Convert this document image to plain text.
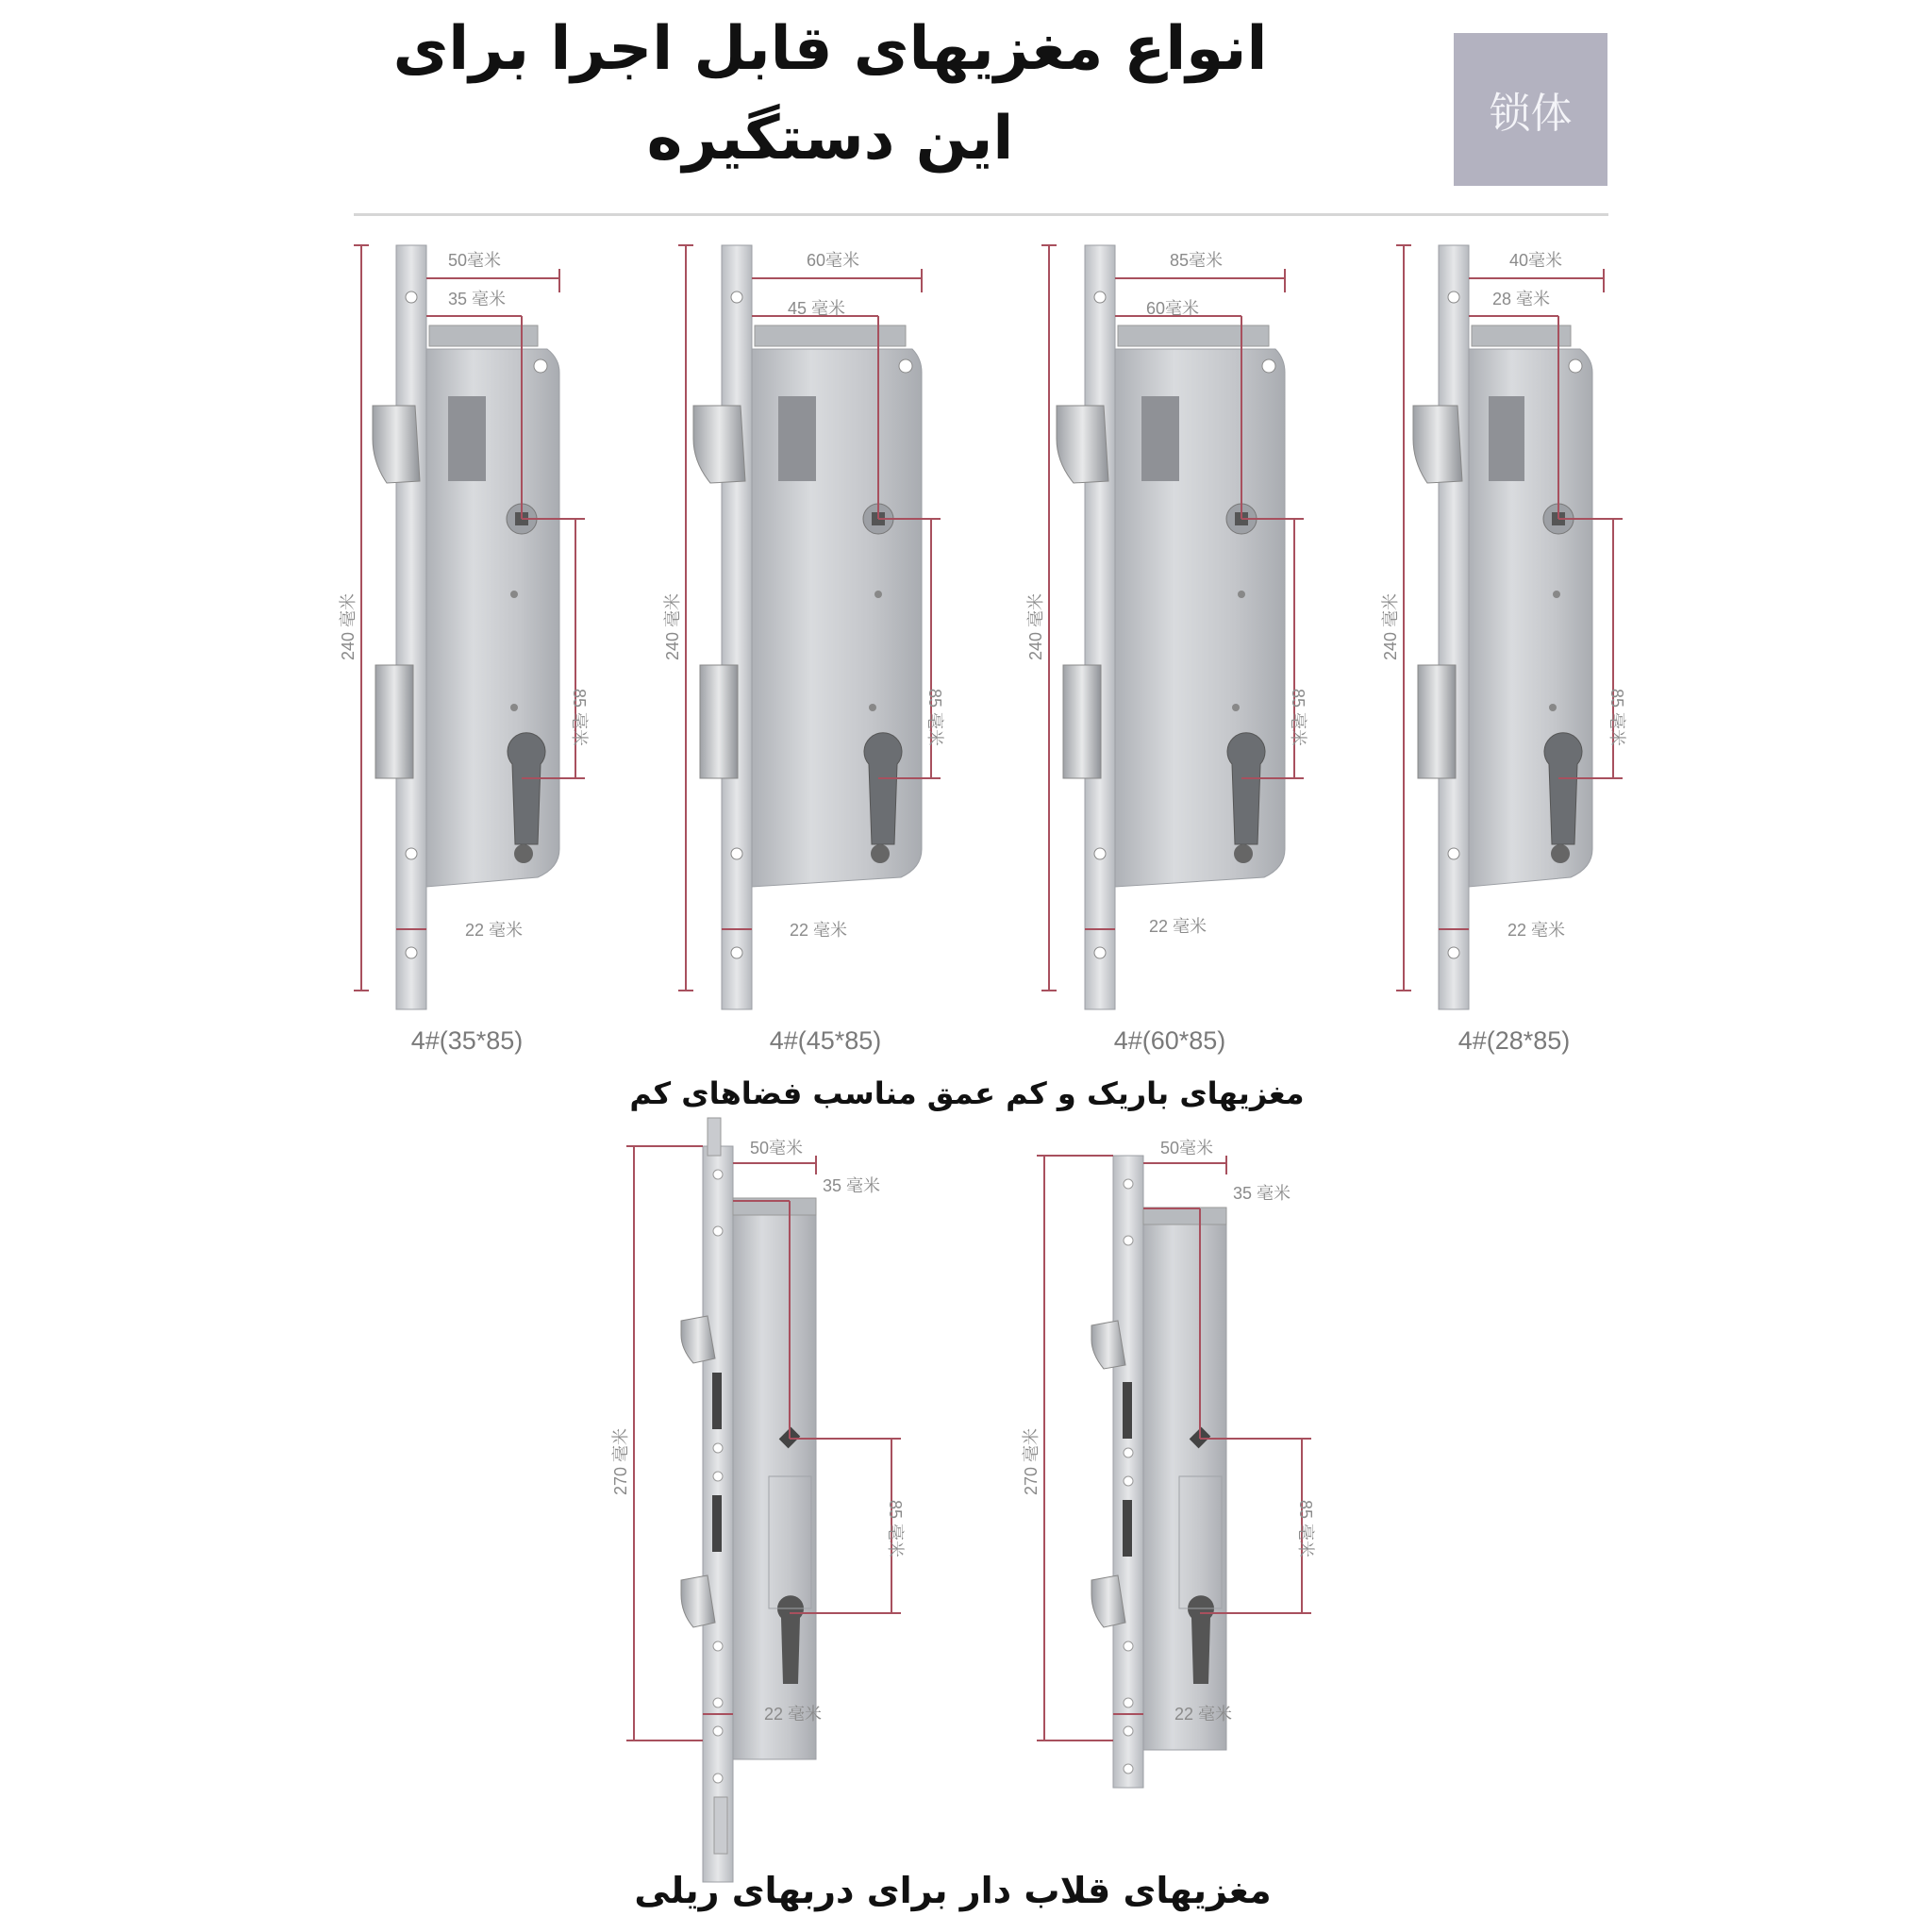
انواع مغزیهای قابل اجرا برای
این دستگیره	锁体
50毫米
35 毫米
240 毫米
85 毫米
22 毫米
60毫米
45 毫米
240 毫米
85 毫米
22 毫米
85毫米
60毫米
240 毫米
85 毫米
22 毫米
40毫米
28 毫米
240 毫米
85 毫米
22 毫米
4#(35*85)	4#(45*85)	4#(60*85)	4#(28*85)
مغزیهای باریک و کم عمق مناسب فضاهای کم
50毫米
35 毫米
270 毫米
85 毫米
22 毫米
50毫米
35 毫米
270 毫米
85 毫米
22 毫米
مغزیهای قلاب دار برای دربهای ریلی
